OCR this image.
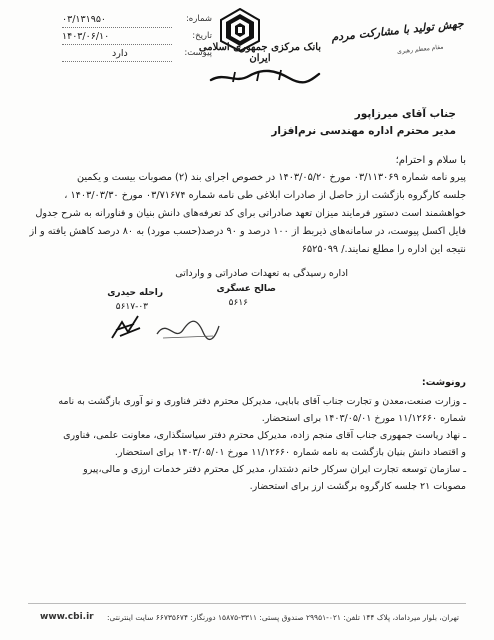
۰۳/۱۳۱۹۵۰	شماره:
۱۴۰۳/۰۶/۱۰	تاریخ:
دارد	پیوست:
بانک مرکزی جمهوری اسلامی ایران
جهش تولید با مشارکت مردم
مقام معظم رهبری
جناب آقای میرزاپور
مدیر محترم اداره مهندسی نرم‌افزار
با سلام و احترام؛
پیرو نامه شماره ۰۳/۱۱۳۰۶۹ مورخ ۱۴۰۳/۰۵/۲۰ در خصوص اجرای بند (۲) مصوبات بیست و یکمین
جلسه کارگروه بازگشت ارز حاصل از صادرات ابلاغی طی نامه شماره ۰۳/۷۱۶۷۴ مورخ ۱۴۰۳/۰۳/۳۰ ،
خواهشمند است دستور فرمایند میزان تعهد صادراتی برای کد تعرفه‌های دانش بنیان و فناورانه به شرح جدول
فایل اکسل پیوست، در سامانه‌های ذیربط از ۱۰۰ درصد و ۹۰ درصد(حسب مورد) به ۸۰ درصد کاهش یافته و از
نتیجه این اداره را مطلع نمایند./ ۶۵۲۵۰۹۹
اداره رسیدگی به تعهدات صادراتی و وارداتی
صالح عسگری
۵۶۱۶
راحله حیدری
۵۶۱۷-۰۳
رونوشت:
ـ وزارت صنعت،معدن و تجارت جناب آقای بابایی، مدیرکل محترم دفتر فناوری و نو آوری بازگشت به نامه
شماره ۱۱/۱۲۶۶۰ مورخ ۱۴۰۳/۰۵/۰۱ برای استحضار.
ـ نهاد ریاست جمهوری جناب آقای منجم زاده، مدیرکل محترم دفتر سیاستگذاری، معاونت علمی، فناوری
و اقتصاد دانش بنیان بازگشت به نامه شماره ۱۱/۱۲۶۶۰ مورخ ۱۴۰۳/۰۵/۰۱ برای استحضار.
ـ سازمان توسعه تجارت ایران سرکار خانم دشتدار، مدیر کل محترم دفتر خدمات ارزی و مالی،پیرو
مصوبات ۲۱ جلسه کارگروه برگشت ارز برای استحضار.
www.cbi.ir تهران، بلوار میرداماد، پلاک ۱۴۴ تلفن: ۰۲۱-۲۹۹۵۱ صندوق پستی: ۳۳۱۱-۱۵۸۷۵ دورنگار: ۶۶۷۳۵۶۷۴ سایت اینترنتی:
